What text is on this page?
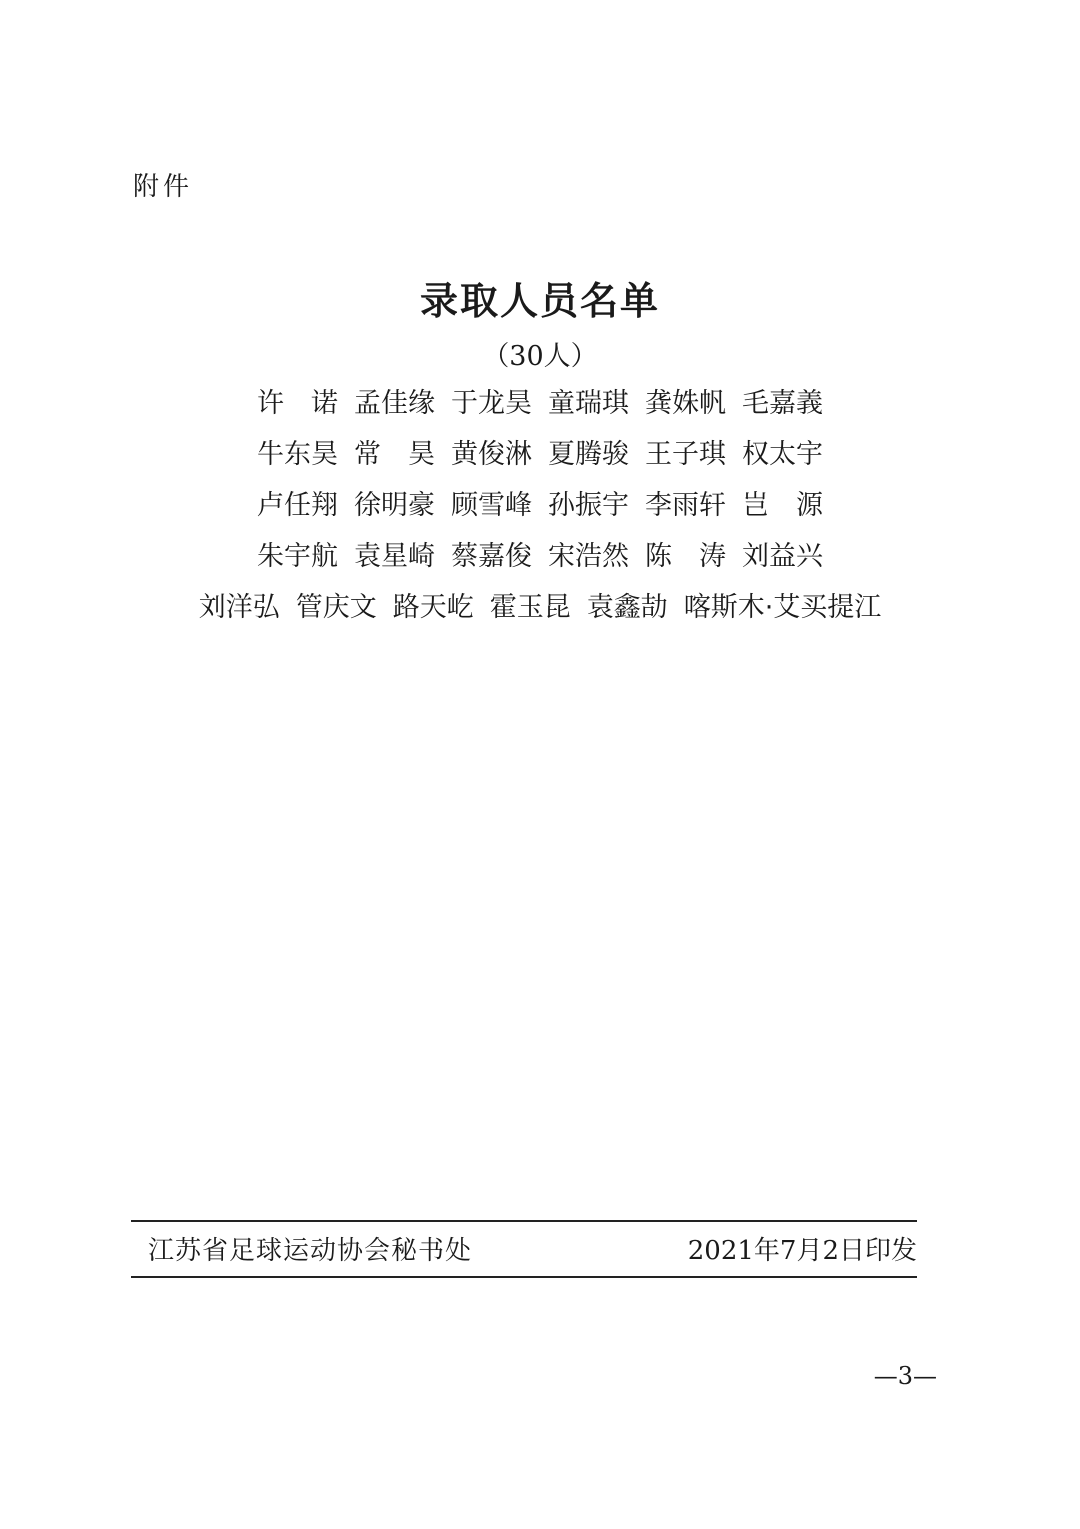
附件
录取人员名单
（30人）
许　诺 孟佳缘 于龙昊 童瑞琪 龚姝帆 毛嘉義
牛东昊 常　昊 黄俊淋 夏腾骏 王子琪 权太宇
卢任翔 徐明豪 顾雪峰 孙振宇 李雨轩 岂　源
朱宇航 袁星崎 蔡嘉俊 宋浩然 陈　涛 刘益兴
刘洋弘 管庆文 路天屹 霍玉昆 袁鑫劼 喀斯木·艾买提江
江苏省足球运动协会秘书处	2021年7月2日印发
—3—
